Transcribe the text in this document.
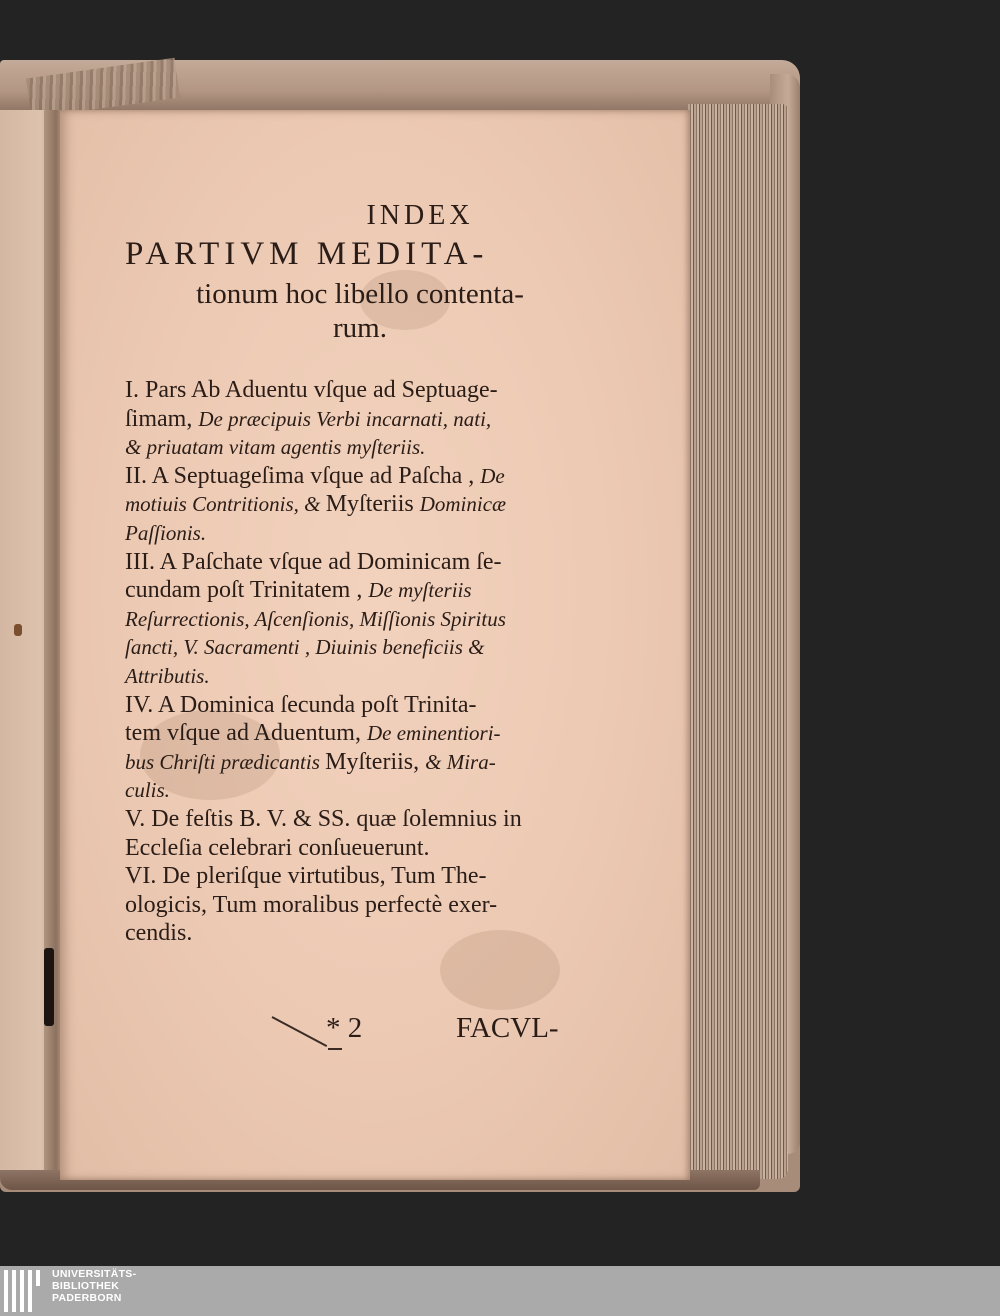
INDEX
PARTIVM MEDITA-
tionum hoc libello contenta-
rum.
I. Pars Ab Aduentu vſque ad Septuage-
ſimam, De præcipuis Verbi incarnati, nati,
& priuatam vitam agentis myſteriis.
II. A Septuageſima vſque ad Paſcha , De
motiuis Contritionis, & Myſteriis Dominicæ
Paſſionis.
III. A Paſchate vſque ad Dominicam ſe-
cundam poſt Trinitatem , De myſteriis
Reſurrectionis, Aſcenſionis, Miſſionis Spiritus
ſancti, V. Sacramenti , Diuinis beneficiis &
Attributis.
IV. A Dominica ſecunda poſt Trinita-
tem vſque ad Aduentum, De eminentiori-
bus Chriſti prædicantis Myſteriis, & Mira-
culis.
V. De feſtis B. V. & SS. quæ ſolemnius in
Eccleſia celebrari conſueuerunt.
VI. De pleriſque virtutibus, Tum The-
ologicis, Tum moralibus perfectè exer-
cendis.
* 2	FACVL-
UNIVERSITÄTS-
BIBLIOTHEK
PADERBORN
